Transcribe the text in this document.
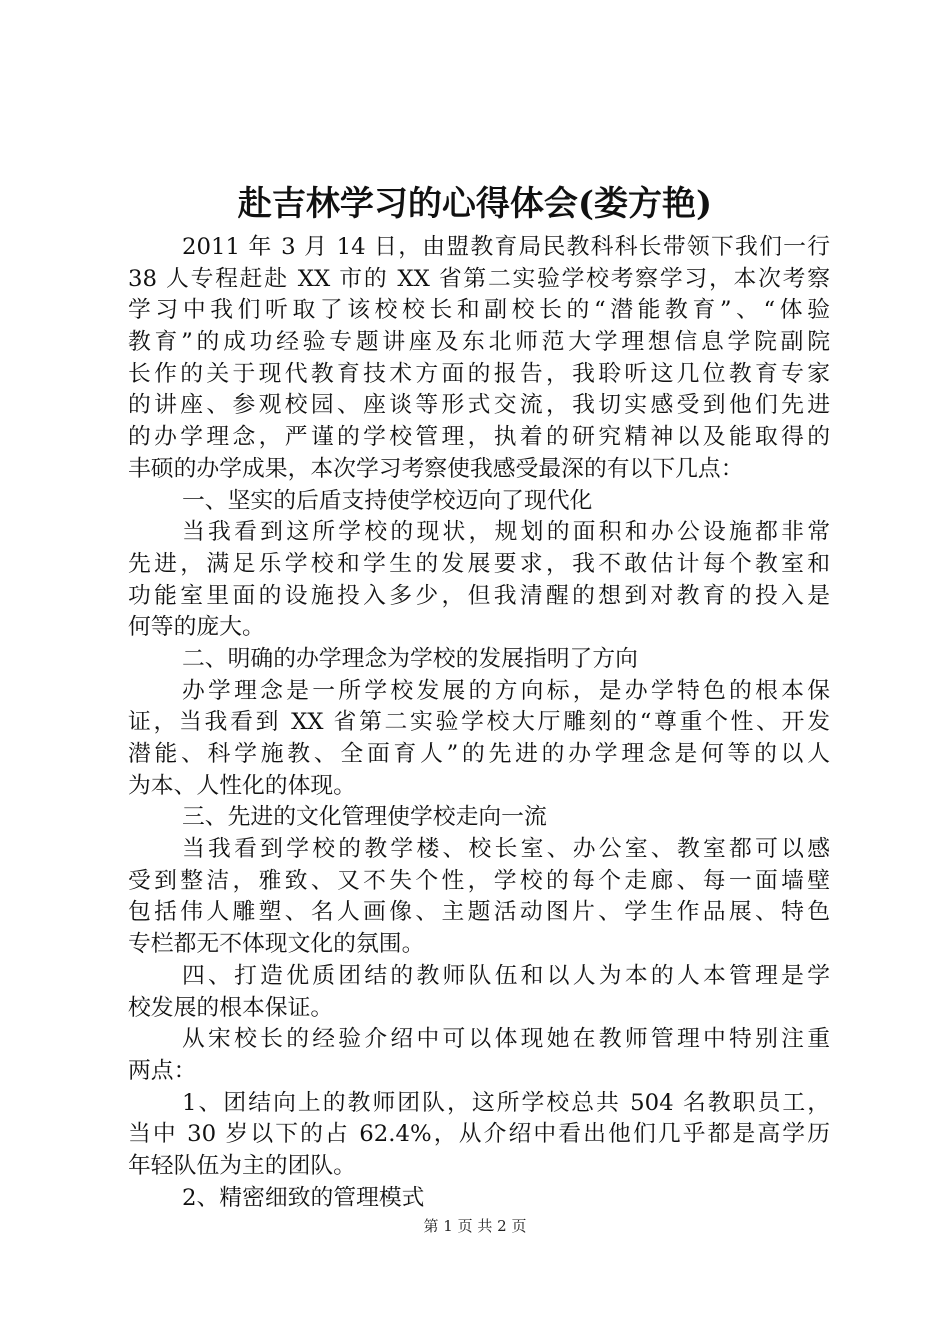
赴吉林学习的心得体会(娄方艳)
2011 年 3 月 14 日，由盟教育局民教科科长带领下我们一行
38 人专程赶赴 XX 市的 XX 省第二实验学校考察学习，本次考察
学习中我们听取了该校校长和副校长的“潜能教育”、“体验
教育”的成功经验专题讲座及东北师范大学理想信息学院副院
长作的关于现代教育技术方面的报告，我聆听这几位教育专家
的讲座、参观校园、座谈等形式交流，我切实感受到他们先进
的办学理念，严谨的学校管理，执着的研究精神以及能取得的
丰硕的办学成果，本次学习考察使我感受最深的有以下几点：
一、坚实的后盾支持使学校迈向了现代化
当我看到这所学校的现状，规划的面积和办公设施都非常
先进，满足乐学校和学生的发展要求，我不敢估计每个教室和
功能室里面的设施投入多少，但我清醒的想到对教育的投入是
何等的庞大。
二、明确的办学理念为学校的发展指明了方向
办学理念是一所学校发展的方向标，是办学特色的根本保
证，当我看到 XX 省第二实验学校大厅雕刻的“尊重个性、开发
潜能、科学施教、全面育人”的先进的办学理念是何等的以人
为本、人性化的体现。
三、先进的文化管理使学校走向一流
当我看到学校的教学楼、校长室、办公室、教室都可以感
受到整洁，雅致、又不失个性，学校的每个走廊、每一面墙壁
包括伟人雕塑、名人画像、主题活动图片、学生作品展、特色
专栏都无不体现文化的氛围。
四、打造优质团结的教师队伍和以人为本的人本管理是学
校发展的根本保证。
从宋校长的经验介绍中可以体现她在教师管理中特别注重
两点：
1、团结向上的教师团队，这所学校总共 504 名教职员工，
当中 30 岁以下的占 62.4%，从介绍中看出他们几乎都是高学历
年轻队伍为主的团队。
2、精密细致的管理模式
第 1 页 共 2 页
